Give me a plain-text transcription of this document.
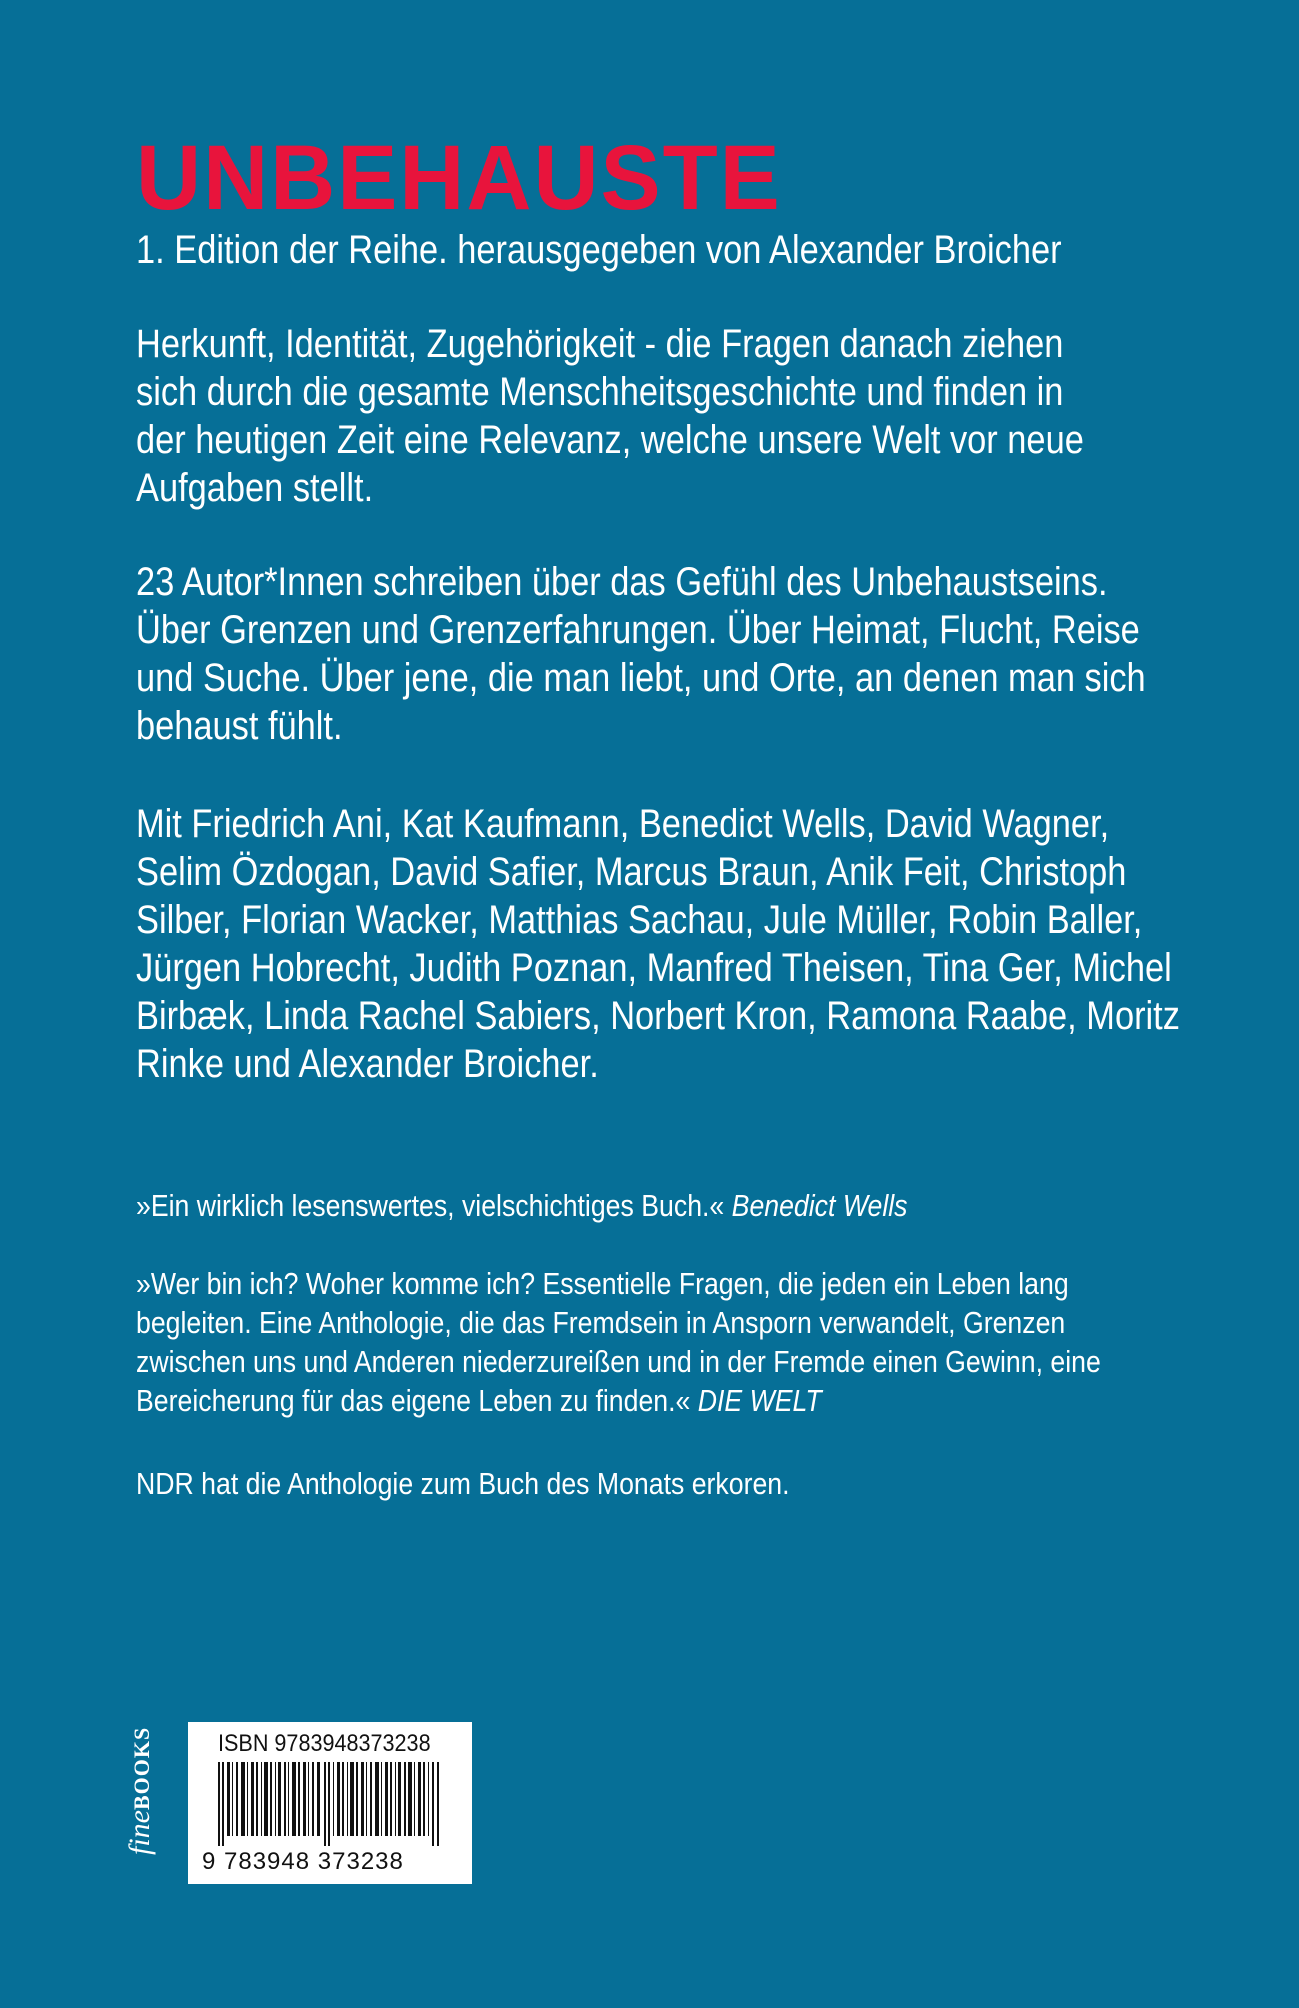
UNBEHAUSTE
1. Edition der Reihe. herausgegeben von Alexander Broicher
Herkunft, Identität, Zugehörigkeit - die Fragen danach ziehen
sich durch die gesamte Menschheitsgeschichte und finden in
der heutigen Zeit eine Relevanz, welche unsere Welt vor neue
Aufgaben stellt.
23 Autor*Innen schreiben über das Gefühl des Unbehaustseins.
Über Grenzen und Grenzerfahrungen. Über Heimat, Flucht, Reise
und Suche. Über jene, die man liebt, und Orte, an denen man sich
behaust fühlt.
Mit Friedrich Ani, Kat Kaufmann, Benedict Wells, David Wagner,
Selim Özdogan, David Safier, Marcus Braun, Anik Feit, Christoph
Silber, Florian Wacker, Matthias Sachau, Jule Müller, Robin Baller,
Jürgen Hobrecht, Judith Poznan, Manfred Theisen, Tina Ger, Michel
Birbæk, Linda Rachel Sabiers, Norbert Kron, Ramona Raabe, Moritz
Rinke und Alexander Broicher.
»Ein wirklich lesenswertes, vielschichtiges Buch.« Benedict Wells
»Wer bin ich? Woher komme ich? Essentielle Fragen, die jeden ein Leben lang
begleiten. Eine Anthologie, die das Fremdsein in Ansporn verwandelt, Grenzen
zwischen uns und Anderen niederzureißen und in der Fremde einen Gewinn, eine
Bereicherung für das eigene Leben zu finden.« DIE WELT
NDR hat die Anthologie zum Buch des Monats erkoren.
fineBOOKS	ISBN 9783948373238
9 783948 373238
